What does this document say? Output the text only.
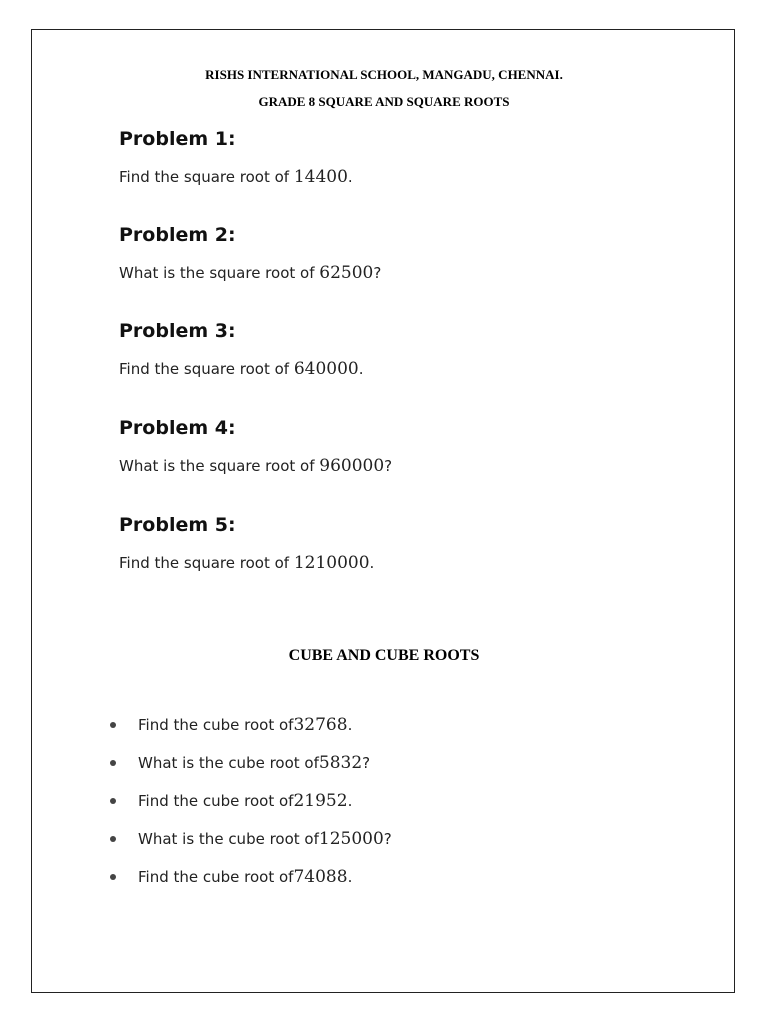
RISHS INTERNATIONAL SCHOOL, MANGADU, CHENNAI.
GRADE 8 SQUARE AND SQUARE ROOTS
Problem 1:
Find the square root of 14400.
Problem 2:
What is the square root of 62500?
Problem 3:
Find the square root of 640000.
Problem 4:
What is the square root of 960000?
Problem 5:
Find the square root of 1210000.
CUBE AND CUBE ROOTS
Find the cube root of 32768 .
What is the cube root of 5832 ?
Find the cube root of 21952 .
What is the cube root of 125000 ?
Find the cube root of 74088 .
